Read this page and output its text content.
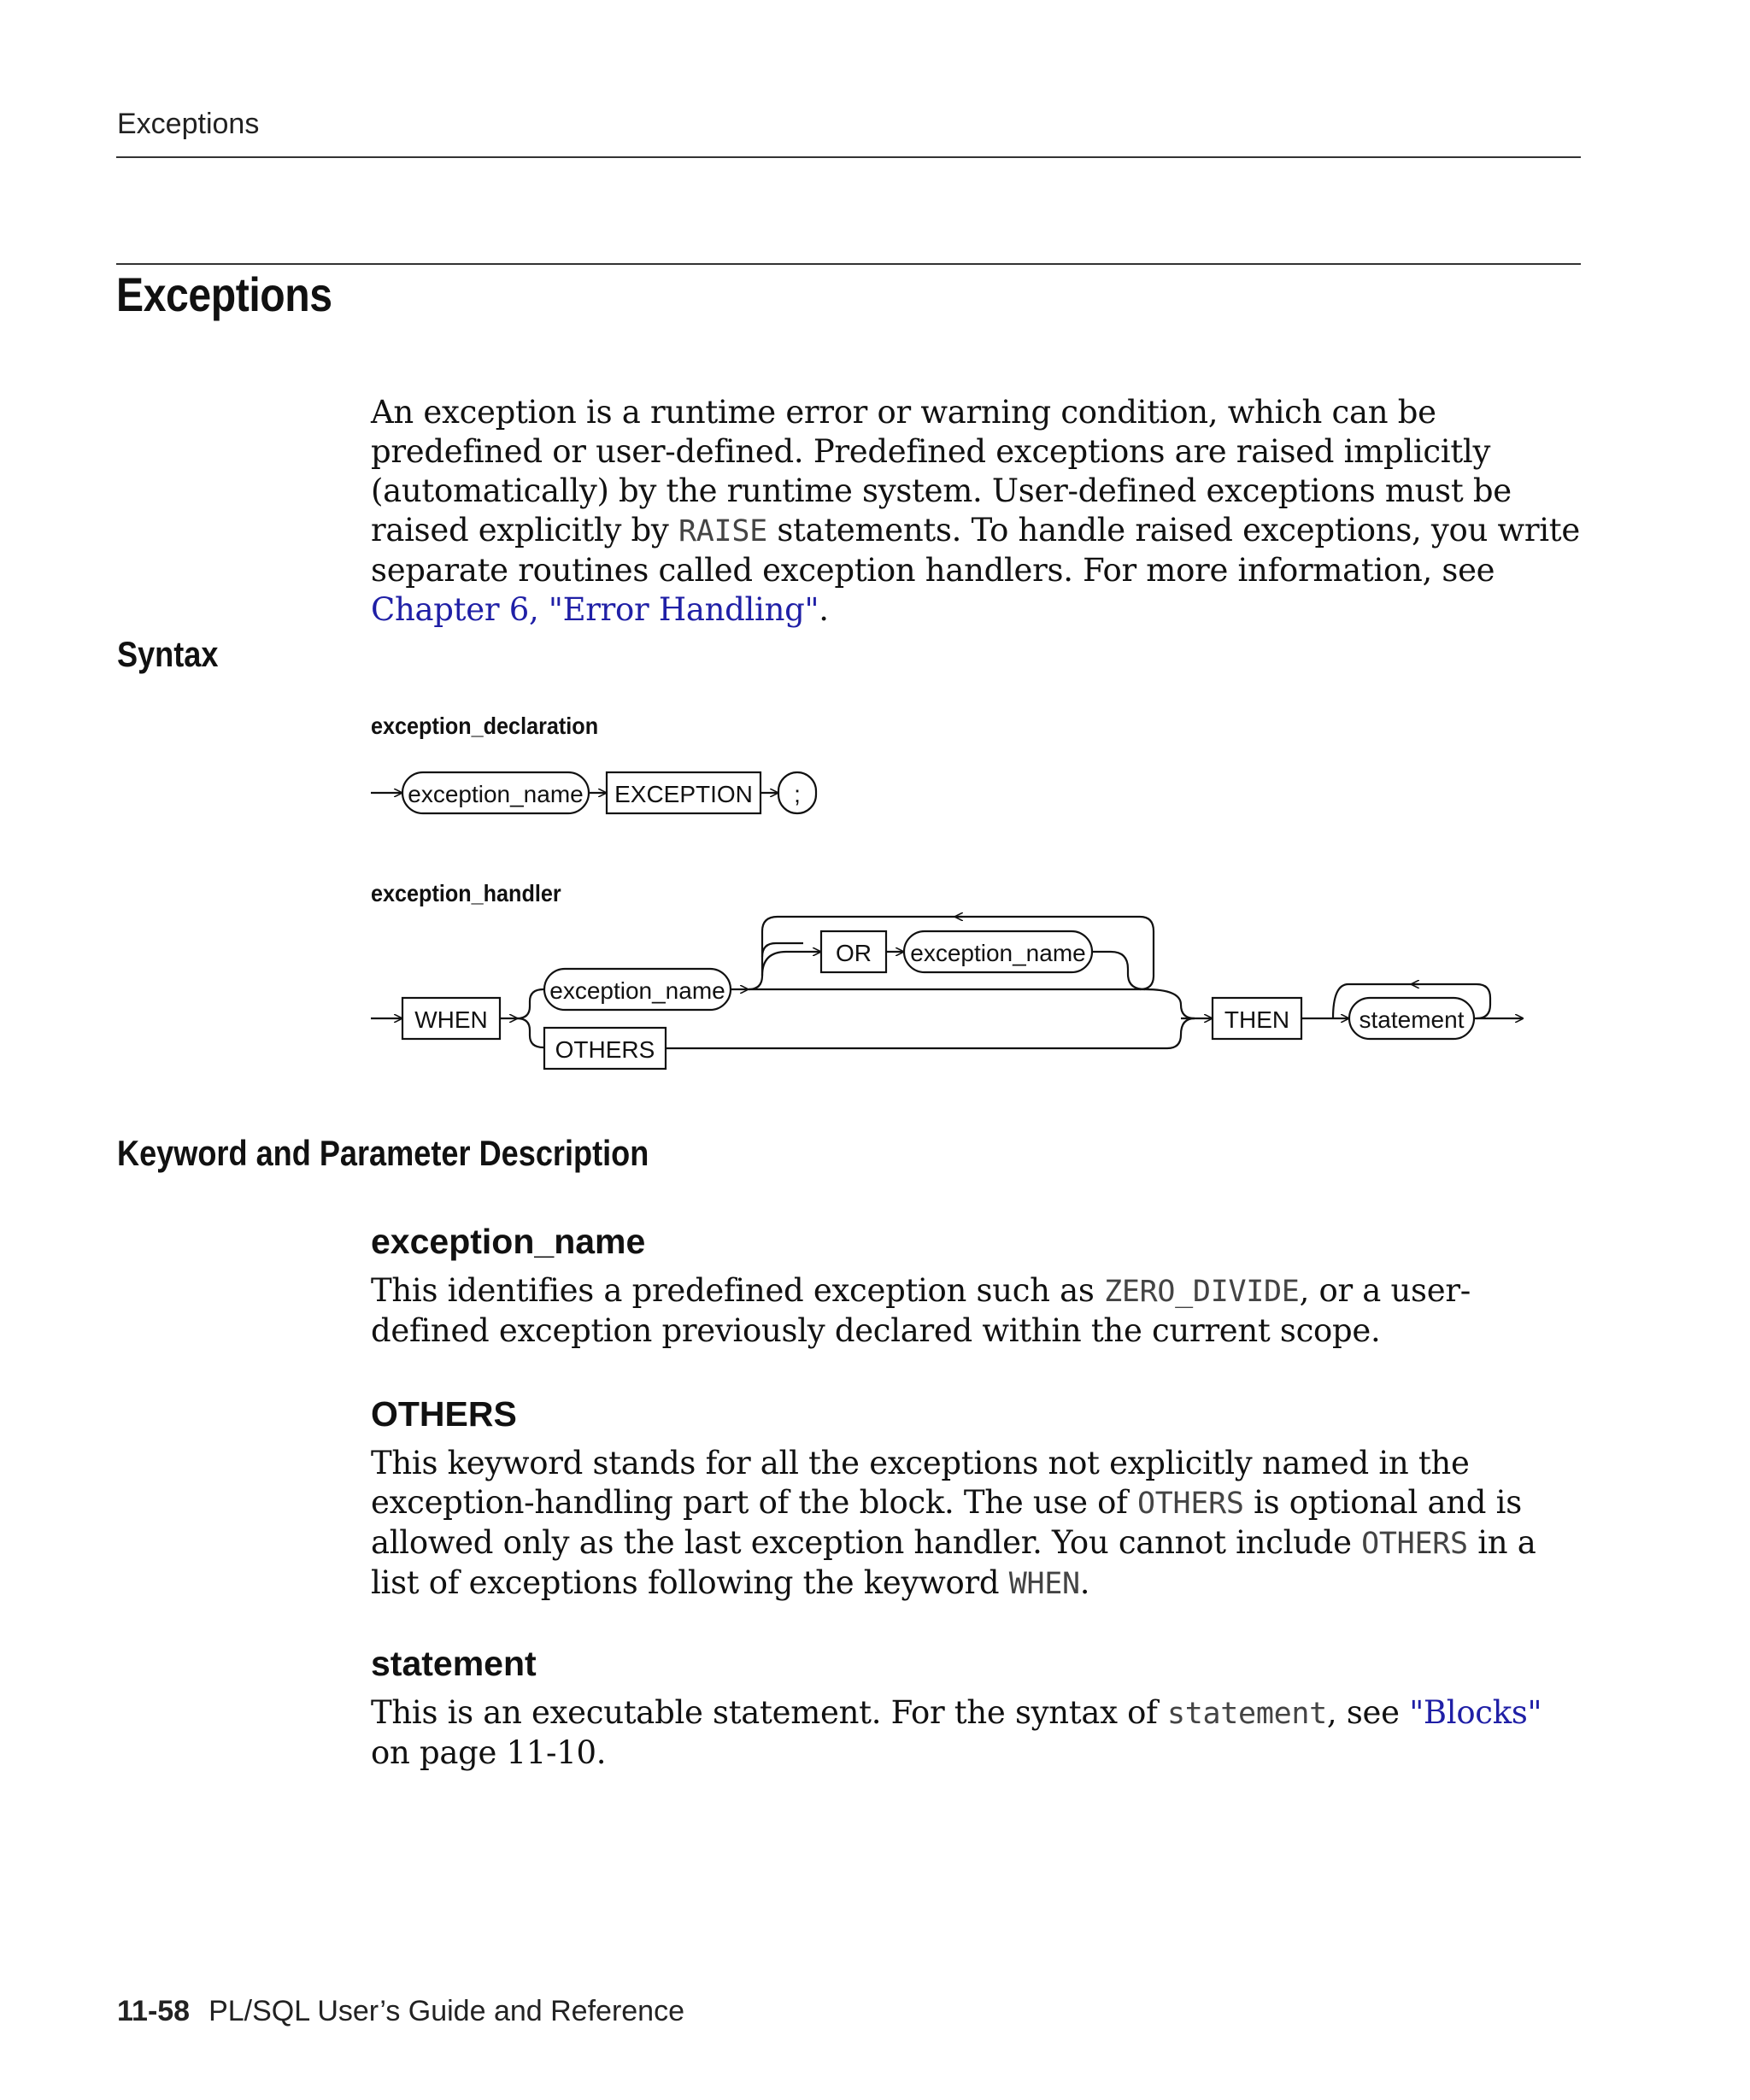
Exceptions
Exceptions

An exception is a runtime error or warning condition, which can be predefined or user-defined. Predefined exceptions are raised implicitly (automatically) by the runtime system. User-defined exceptions must be raised explicitly by RAISE statements. To handle raised exceptions, you write separate routines called exception handlers. For more information, see Chapter 6, "Error Handling".

Syntax
exception_declaration
exception_name EXCEPTION ;
WHEN
exception_name
OTHERS
OR exception_name
THEN	statement
exception_handler
Keyword and Parameter Description
exception_name

This identifies a predefined exception such as ZERO_DIVIDE, or a user-defined exception previously declared within the current scope.

OTHERS

This keyword stands for all the exceptions not explicitly named in the exception-handling part of the block. The use of OTHERS is optional and is allowed only as the last exception handler. You cannot include OTHERS in a list of exceptions following the keyword WHEN.

statement

This is an executable statement. For the syntax of statement, see "Blocks" on page 11-10.

11-58 PL/SQL User’s Guide and Reference
